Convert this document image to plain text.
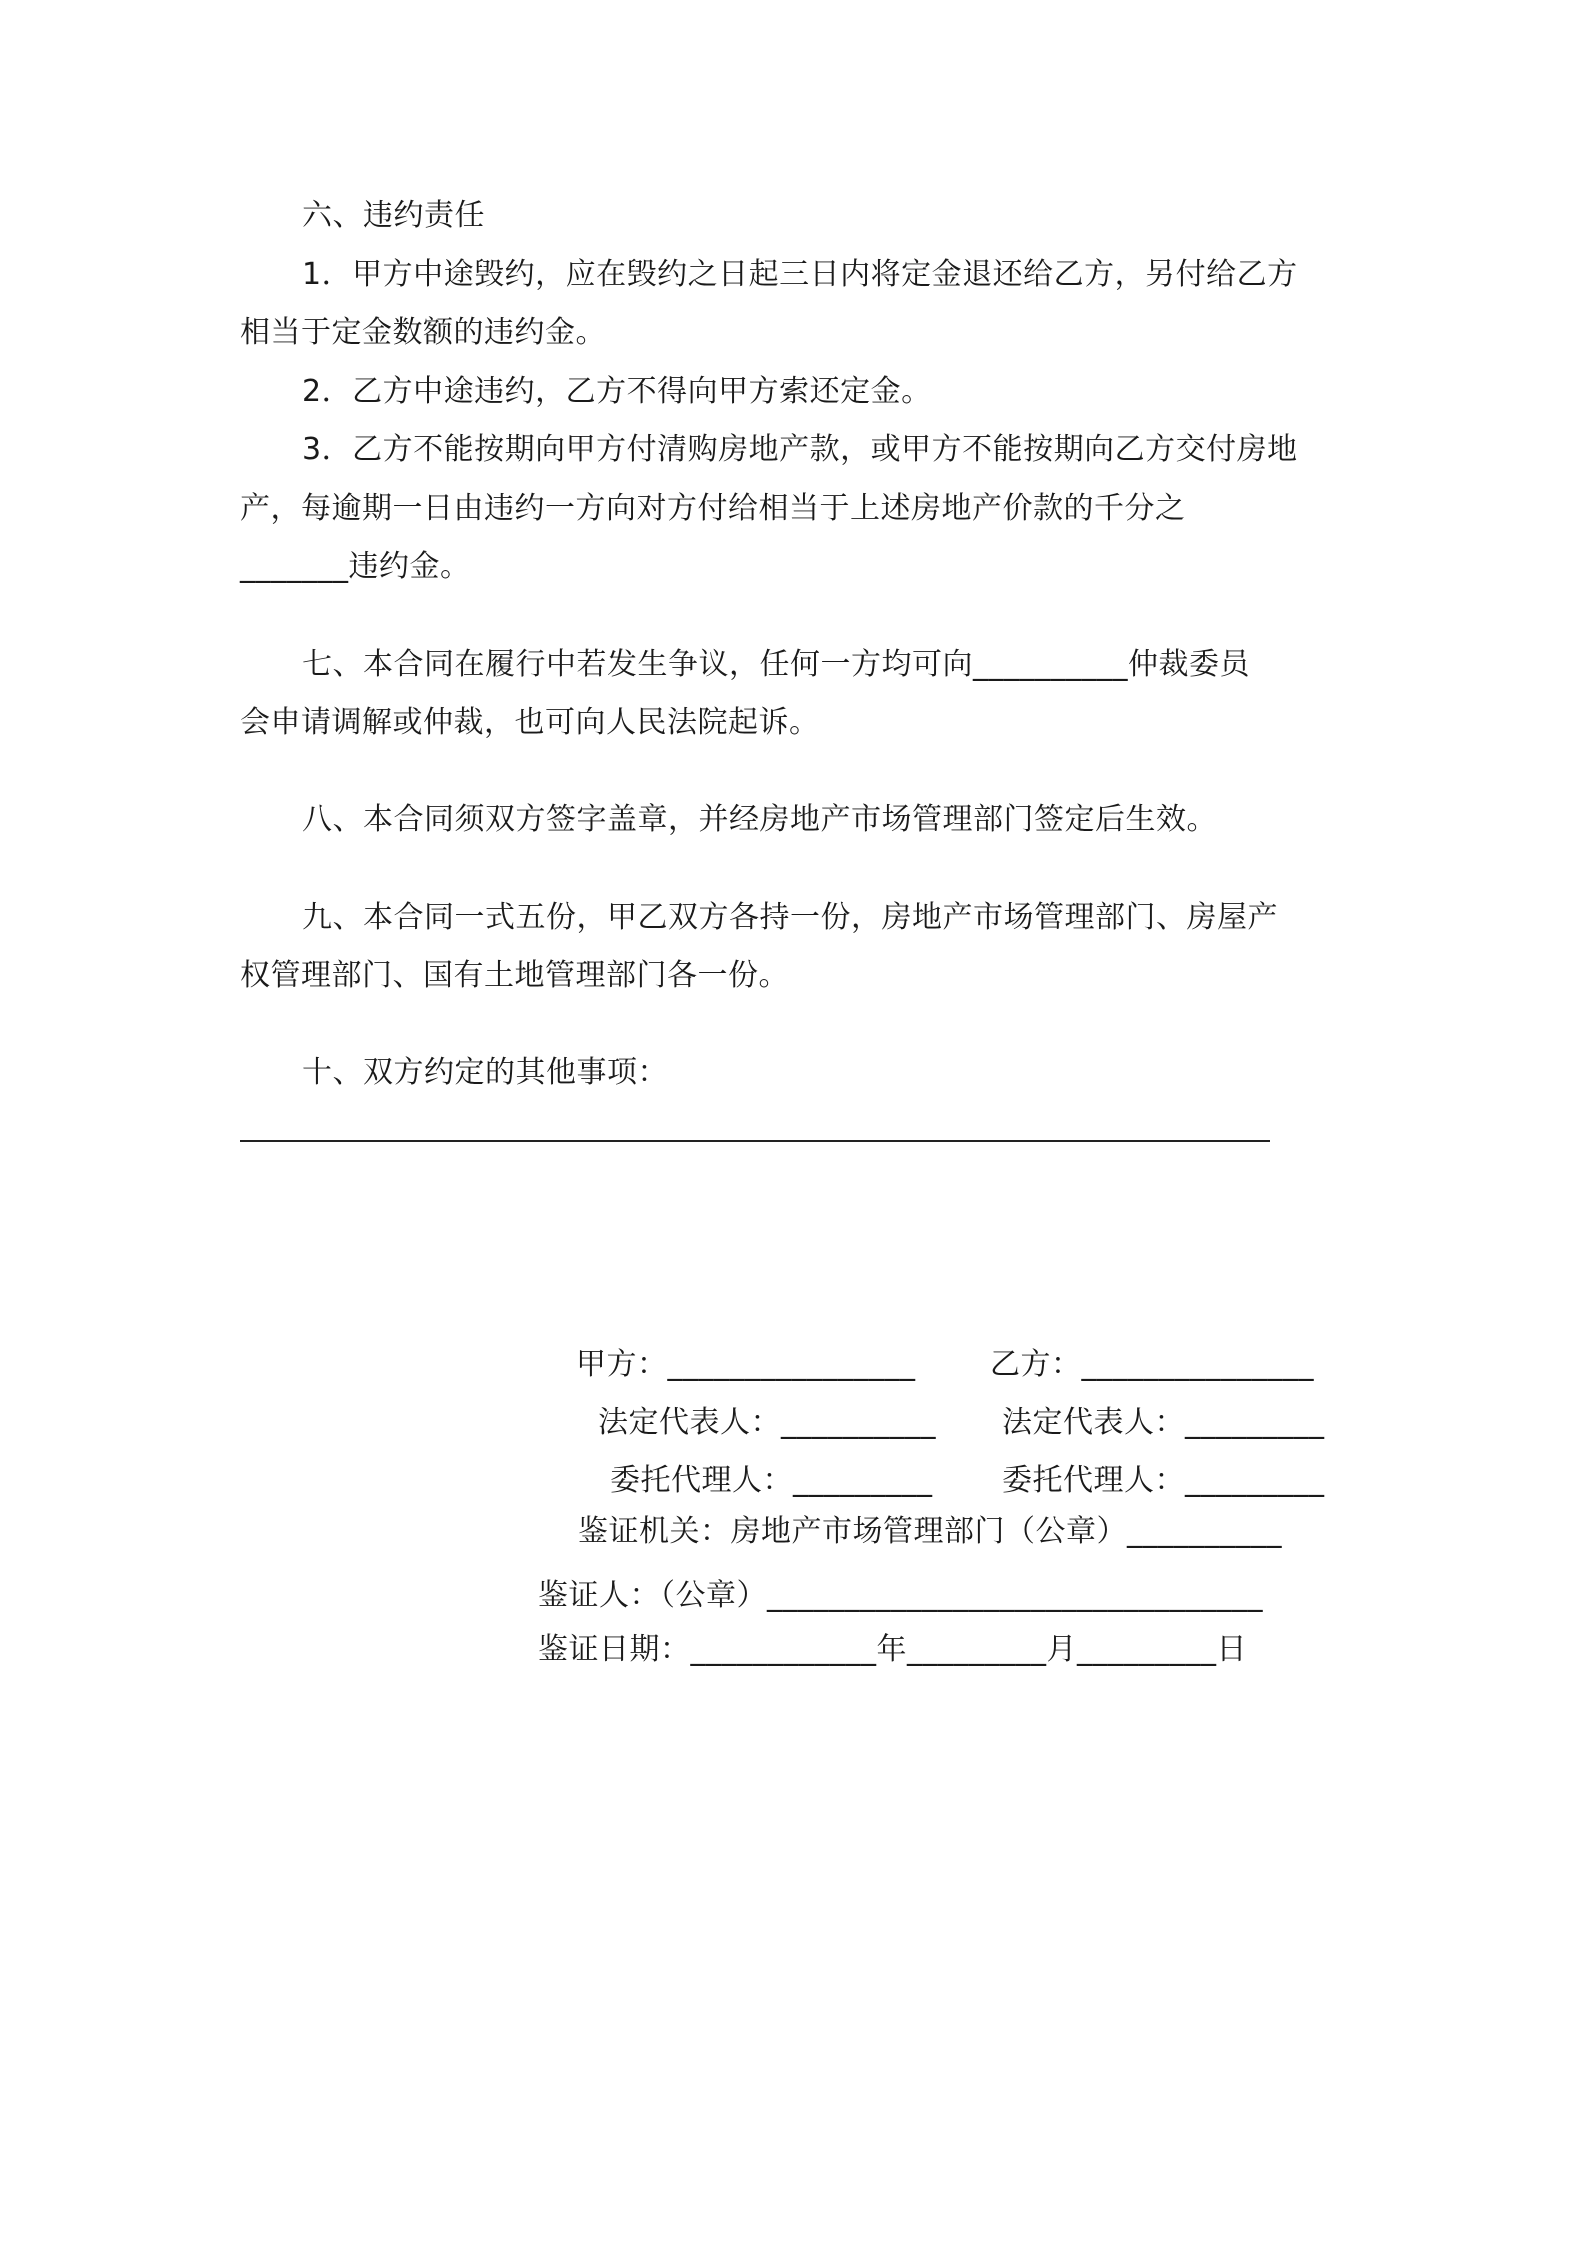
六、违约责任
1．甲方中途毁约，应在毁约之日起三日内将定金退还给乙方，另付给乙方
相当于定金数额的违约金。
2．乙方中途违约，乙方不得向甲方索还定金。
3．乙方不能按期向甲方付清购房地产款，或甲方不能按期向乙方交付房地
产，每逾期一日由违约一方向对方付给相当于上述房地产价款的千分之
_______违约金。
七、本合同在履行中若发生争议，任何一方均可向__________仲裁委员
会申请调解或仲裁，也可向人民法院起诉。
八、本合同须双方签字盖章，并经房地产市场管理部门签定后生效。
九、本合同一式五份，甲乙双方各持一份，房地产市场管理部门、房屋产
权管理部门、国有土地管理部门各一份。
十、双方约定的其他事项：
甲方：________________ 乙方：_______________
法定代表人：__________ 法定代表人：_________
委托代理人：_________ 委托代理人：_________
鉴证机关：房地产市场管理部门（公章）__________
鉴证人：（公章）________________________________
鉴证日期：____________年_________月_________日
